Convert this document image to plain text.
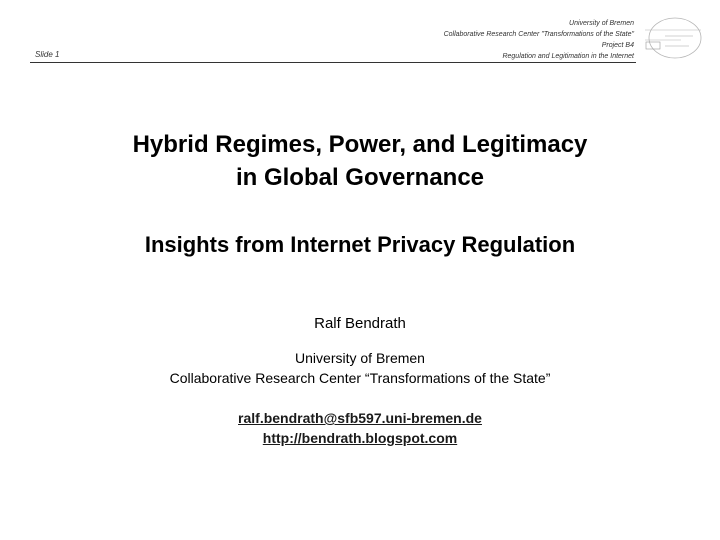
Slide 1
University of Bremen
Collaborative Research Center "Transformations of the State"
Project B4
Regulation and Legitimation in the Internet
Hybrid Regimes, Power, and Legitimacy
in Global Governance
Insights from Internet Privacy Regulation
Ralf Bendrath
University of Bremen
Collaborative Research Center “Transformations of the State”
ralf.bendrath@sfb597.uni-bremen.de
http://bendrath.blogspot.com
